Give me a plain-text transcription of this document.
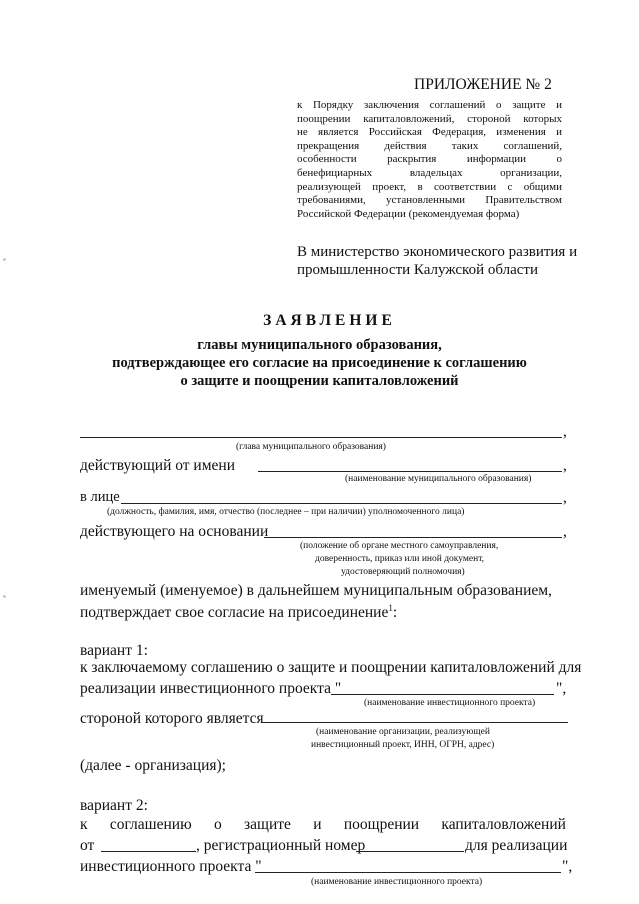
ПРИЛОЖЕНИЕ № 2
к Порядку заключения соглашений о защите и
поощрении капиталовложений, стороной которых
не является Российская Федерация, изменения и
прекращения действия таких соглашений,
особенности раскрытия информации о
бенефициарных владельцах организации,
реализующей проект, в соответствии с общими
требованиями, установленными Правительством
Российской Федерации (рекомендуемая форма)
В министерство экономического развития и
промышленности Калужской области
ЗАЯВЛЕНИЕ
главы муниципального образования,
подтверждающее его согласие на присоединение к соглашению
о защите и поощрении капиталовложений
,
(глава муниципального образования)
действующий от имени	,
(наименование муниципального образования)
в лице	,
(должность, фамилия, имя, отчество (последнее – при наличии) уполномоченного лица)
действующего на основании	,
(положение об органе местного самоуправления,
доверенность, приказ или иной документ,
удостоверяющий полномочия)
именуемый (именуемое) в дальнейшем муниципальным образованием,
подтверждает свое согласие на присоединение$^1$:
вариант 1:
к заключаемому соглашению о защите и поощрении капиталовложений для
реализации инвестиционного проекта "	",
(наименование инвестиционного проекта)
стороной которого является
(наименование организации, реализующей
инвестиционный проект, ИНН, ОГРН, адрес)
(далее - организация);
вариант 2:
к соглашению о защите и поощрении капиталовложений
от	, регистрационный номер	для реализации
инвестиционного проекта "	",
(наименование инвестиционного проекта)
